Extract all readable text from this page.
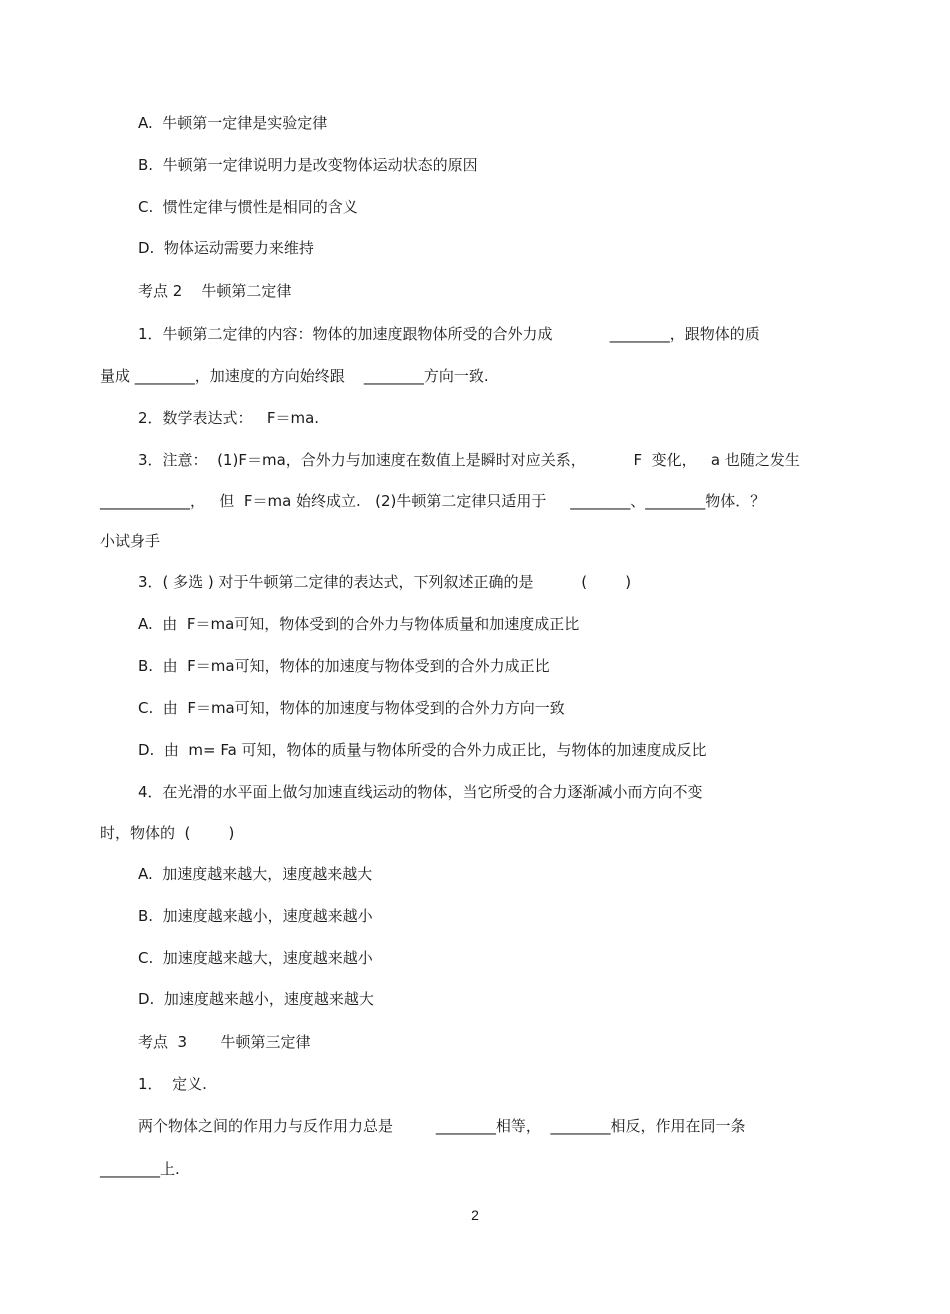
A.  牛顿第一定律是实验定律
B.  牛顿第一定律说明力是改变物体运动状态的原因
C.  惯性定律与惯性是相同的含义
D.  物体运动需要力来维持
考点 2    牛顿第二定律
1．牛顿第二定律的内容：物体的加速度跟物体所受的合外力成            ________，跟物体的质
量成 ________，加速度的方向始终跟    ________方向一致.
2．数学表达式：   F＝ma.
3．注意：  (1)F＝ma，合外力与加速度在数值上是瞬时对应关系，          F  变化，   a 也随之发生
____________，   但  F＝ma 始终成立.   (2)牛顿第二定律只适用于     ________、________物体．？
小试身手
3．( 多选 ) 对于牛顿第二定律的表达式，下列叙述正确的是          (        )
A.  由  F＝ma可知，物体受到的合外力与物体质量和加速度成正比
B.  由  F＝ma可知，物体的加速度与物体受到的合外力成正比
C.  由  F＝ma可知，物体的加速度与物体受到的合外力方向一致
D.  由  m= Fa 可知，物体的质量与物体所受的合外力成正比，与物体的加速度成反比
4．在光滑的水平面上做匀加速直线运动的物体，当它所受的合力逐渐减小而方向不变
时，物体的  (        )
A.  加速度越来越大，速度越来越大
B.  加速度越来越小，速度越来越小
C.  加速度越来越大，速度越来越小
D.  加速度越来越小，速度越来越大
考点  3       牛顿第三定律
1．  定义.
两个物体之间的作用力与反作用力总是         ________相等，  ________相反，作用在同一条
________上.
2
